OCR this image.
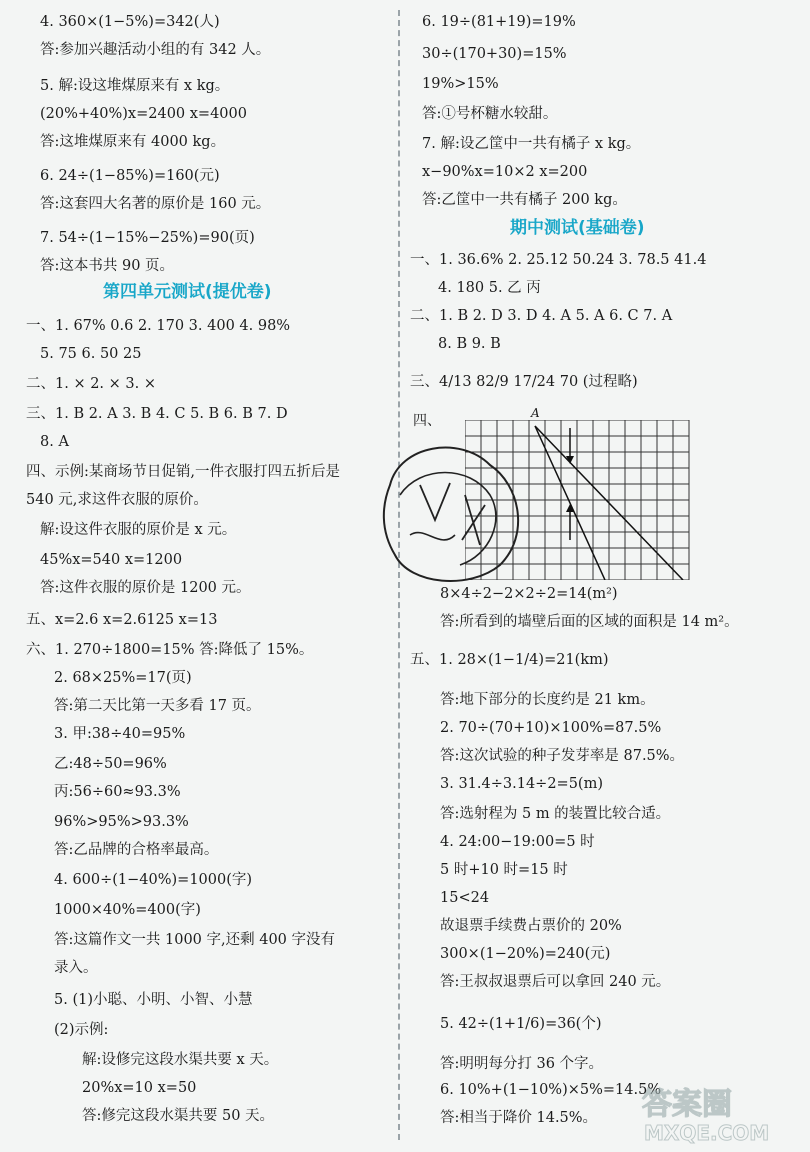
4. 360×(1−5%)=342(人)
答:参加兴趣活动小组的有 342 人。
5. 解:设这堆煤原来有 x kg。
(20%+40%)x=2400 x=4000
答:这堆煤原来有 4000 kg。
6. 24÷(1−85%)=160(元)
答:这套四大名著的原价是 160 元。
7. 54÷(1−15%−25%)=90(页)
答:这本书共 90 页。
一、1. 67% 0.6 2. 170 3. 400 4. 98%
5. 75 6. 50 25
二、1. × 2. × 3. ×
三、1. B 2. A 3. B 4. C 5. B 6. B 7. D
8. A
四、示例:某商场节日促销,一件衣服打四五折后是
540 元,求这件衣服的原价。
解:设这件衣服的原价是 x 元。
45%x=540 x=1200
答:这件衣服的原价是 1200 元。
五、x=2.6 x=2.6125 x=13
六、1. 270÷1800=15% 答:降低了 15%。
2. 68×25%=17(页)
答:第二天比第一天多看 17 页。
3. 甲:38÷40=95%
乙:48÷50=96%
丙:56÷60≈93.3%
96%>95%>93.3%
答:乙品牌的合格率最高。
4. 600÷(1−40%)=1000(字)
1000×40%=400(字)
答:这篇作文一共 1000 字,还剩 400 字没有
录入。
5. (1)小聪、小明、小智、小慧
(2)示例:
解:设修完这段水渠共要 x 天。
20%x=10 x=50
答:修完这段水渠共要 50 天。
6. 19÷(81+19)=19%
30÷(170+30)=15%
19%>15%
答:①号杯糖水较甜。
7. 解:设乙筐中一共有橘子 x kg。
x−90%x=10×2 x=200
答:乙筐中一共有橘子 200 kg。
一、1. 36.6% 2. 25.12 50.24 3. 78.5 41.4
4. 180 5. 乙 丙
二、1. B 2. D 3. D 4. A 5. A 6. C 7. A
8. B 9. B
三、4/13 82/9 17/24 70 (过程略)
8×4÷2−2×2÷2=14(m²)
答:所看到的墙壁后面的区域的面积是 14 m²。
五、1. 28×(1−1/4)=21(km)
答:地下部分的长度约是 21 km。
2. 70÷(70+10)×100%=87.5%
答:这次试验的种子发芽率是 87.5%。
3. 31.4÷3.14÷2=5(m)
答:选射程为 5 m 的装置比较合适。
4. 24:00−19:00=5 时
5 时+10 时=15 时
15<24
故退票手续费占票价的 20%
300×(1−20%)=240(元)
答:王叔叔退票后可以拿回 240 元。
5. 42÷(1+1/6)=36(个)
答:明明每分打 36 个字。
6. 10%+(1−10%)×5%=14.5%
答:相当于降价 14.5%。
第四单元测试(提优卷)
期中测试(基础卷)
四、	A
答案圈
MXQE.COM
